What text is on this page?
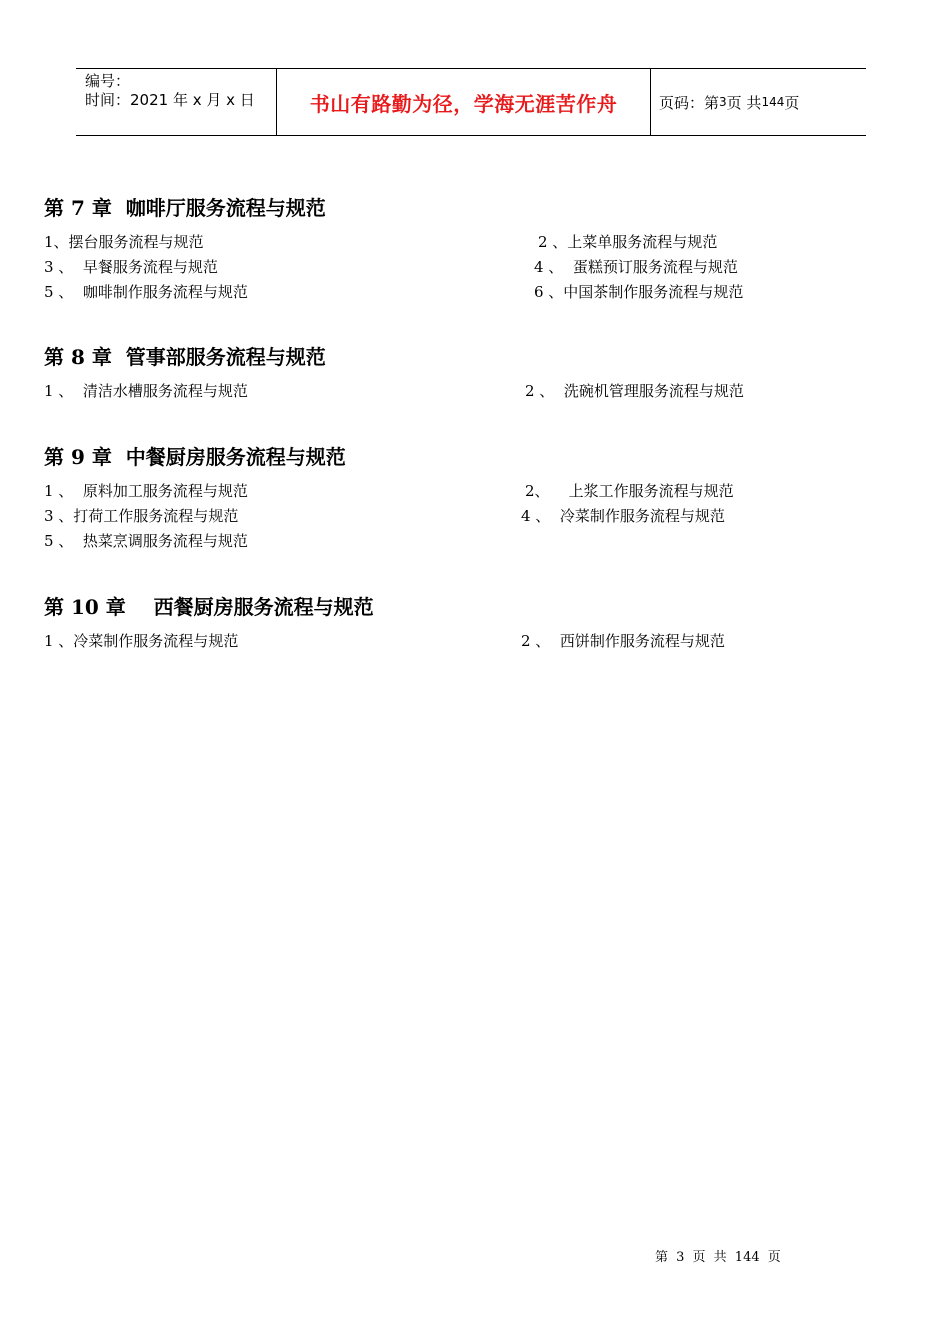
编号：
时间：2021 年 x 月 x 日	书山有路勤为径，学海无涯苦作舟	页码：第 3 页 共 144 页
第 7 章  咖啡厅服务流程与规范
1、摆台服务流程与规范	2 、上菜单服务流程与规范
3 、  早餐服务流程与规范	4 、  蛋糕预订服务流程与规范
5 、  咖啡制作服务流程与规范	6 、中国茶制作服务流程与规范
第 8 章  管事部服务流程与规范
1 、  清洁水槽服务流程与规范	2 、  洗碗机管理服务流程与规范
第 9 章  中餐厨房服务流程与规范
1 、  原料加工服务流程与规范	2、    上浆工作服务流程与规范
3 、打荷工作服务流程与规范	4 、  冷菜制作服务流程与规范
5 、  热菜烹调服务流程与规范
第 10 章    西餐厨房服务流程与规范
1 、冷菜制作服务流程与规范	2 、  西饼制作服务流程与规范
第 3 页 共 144 页
